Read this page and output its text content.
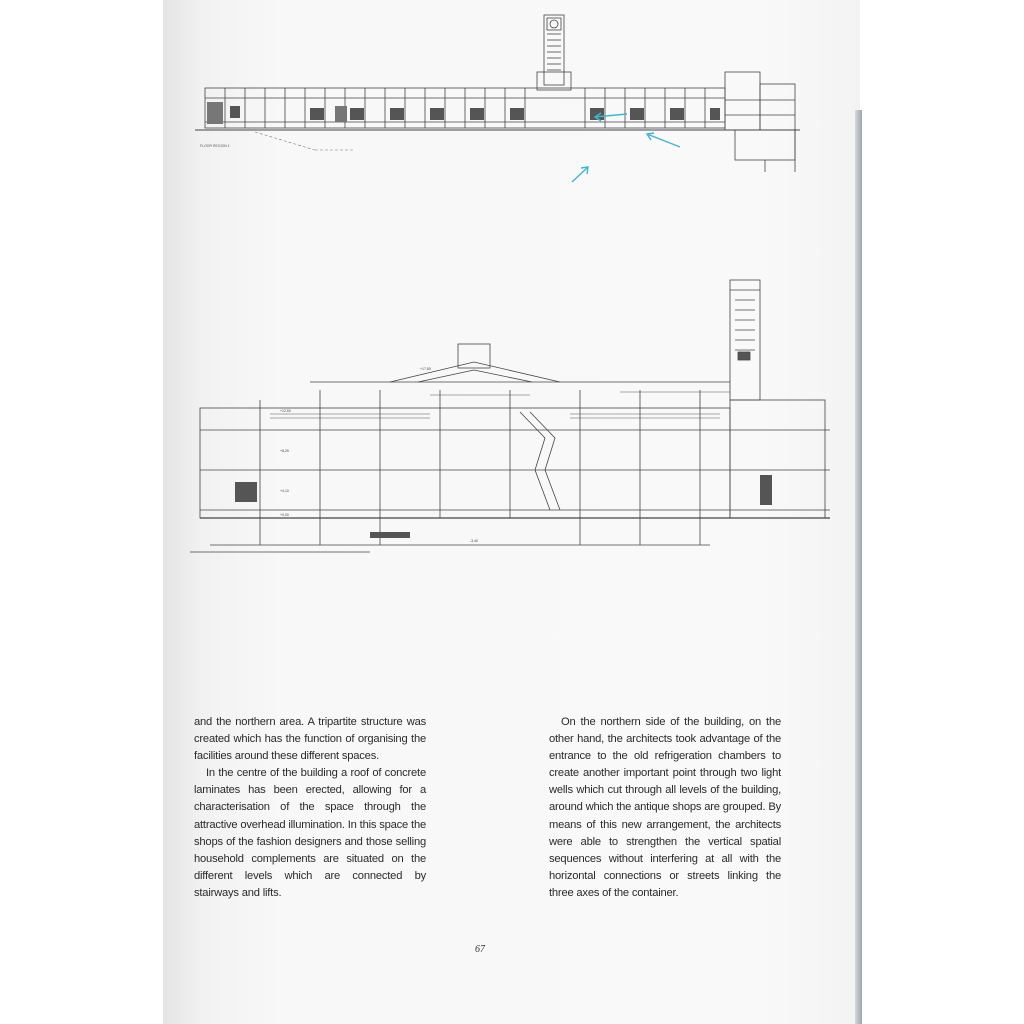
FLOOR REGION 1
+12,50
+8,25
+4,10
+0,00
-3,40
+17,80

and the northern area. A tripartite structure was created which has the function of organising the facilities around these different spaces.

In the centre of the building a roof of concrete laminates has been erected, allowing for a characterisation of the space through the attractive overhead illumination. In this space the shops of the fashion designers and those selling household complements are situated on the different levels which are connected by stairways and lifts.

On the northern side of the building, on the other hand, the architects took advantage of the entrance to the old refrigeration chambers to create another important point through two light wells which cut through all levels of the building, around which the antique shops are grouped. By means of this new arrangement, the architects were able to strengthen the vertical spatial sequences without interfering at all with the horizontal connections or streets linking the three axes of the container.

67
